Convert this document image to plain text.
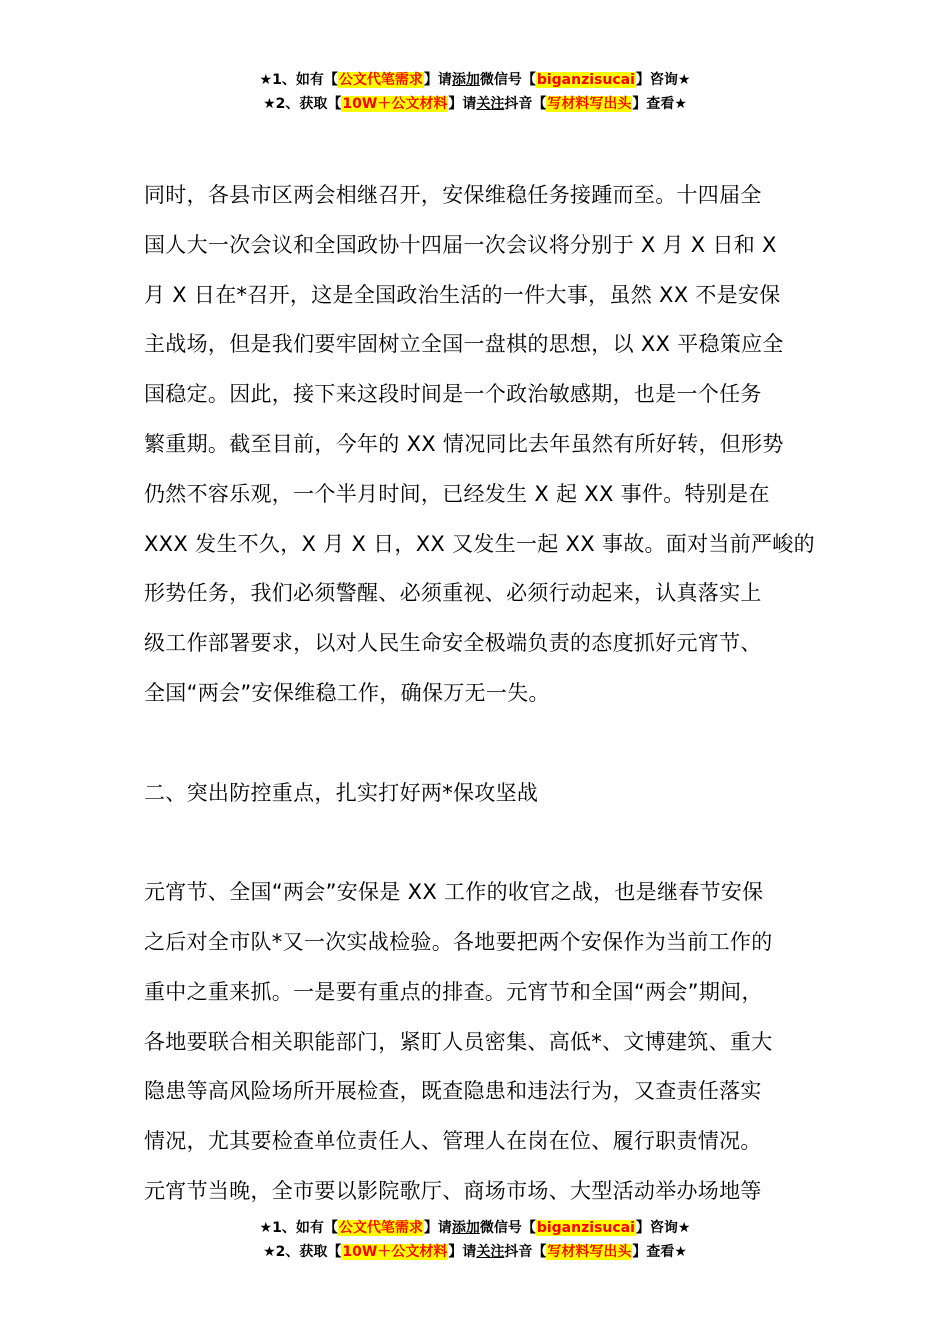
★1、如有【公文代笔需求】请添加微信号【biganzisucai】咨询★
★2、获取【10W＋公文材料】请关注抖音【写材料写出头】查看★
同时，各县市区两会相继召开，安保维稳任务接踵而至。十四届全
国人大一次会议和全国政协十四届一次会议将分别于 X 月 X 日和 X
月 X 日在*召开，这是全国政治生活的一件大事，虽然 XX 不是安保
主战场，但是我们要牢固树立全国一盘棋的思想，以 XX 平稳策应全
国稳定。因此，接下来这段时间是一个政治敏感期，也是一个任务
繁重期。截至目前，今年的 XX 情况同比去年虽然有所好转，但形势
仍然不容乐观，一个半月时间，已经发生 X 起 XX 事件。特别是在
XXX 发生不久，X 月 X 日，XX 又发生一起 XX 事故。面对当前严峻的
形势任务，我们必须警醒、必须重视、必须行动起来，认真落实上
级工作部署要求，以对人民生命安全极端负责的态度抓好元宵节、
全国“两会”安保维稳工作，确保万无一失。
二、突出防控重点，扎实打好两*保攻坚战
元宵节、全国“两会”安保是 XX 工作的收官之战，也是继春节安保
之后对全市队*又一次实战检验。各地要把两个安保作为当前工作的
重中之重来抓。一是要有重点的排查。元宵节和全国“两会”期间，
各地要联合相关职能部门，紧盯人员密集、高低*、文博建筑、重大
隐患等高风险场所开展检查，既查隐患和违法行为，又查责任落实
情况，尤其要检查单位责任人、管理人在岗在位、履行职责情况。
元宵节当晚，全市要以影院歌厅、商场市场、大型活动举办场地等
★1、如有【公文代笔需求】请添加微信号【biganzisucai】咨询★
★2、获取【10W＋公文材料】请关注抖音【写材料写出头】查看★
